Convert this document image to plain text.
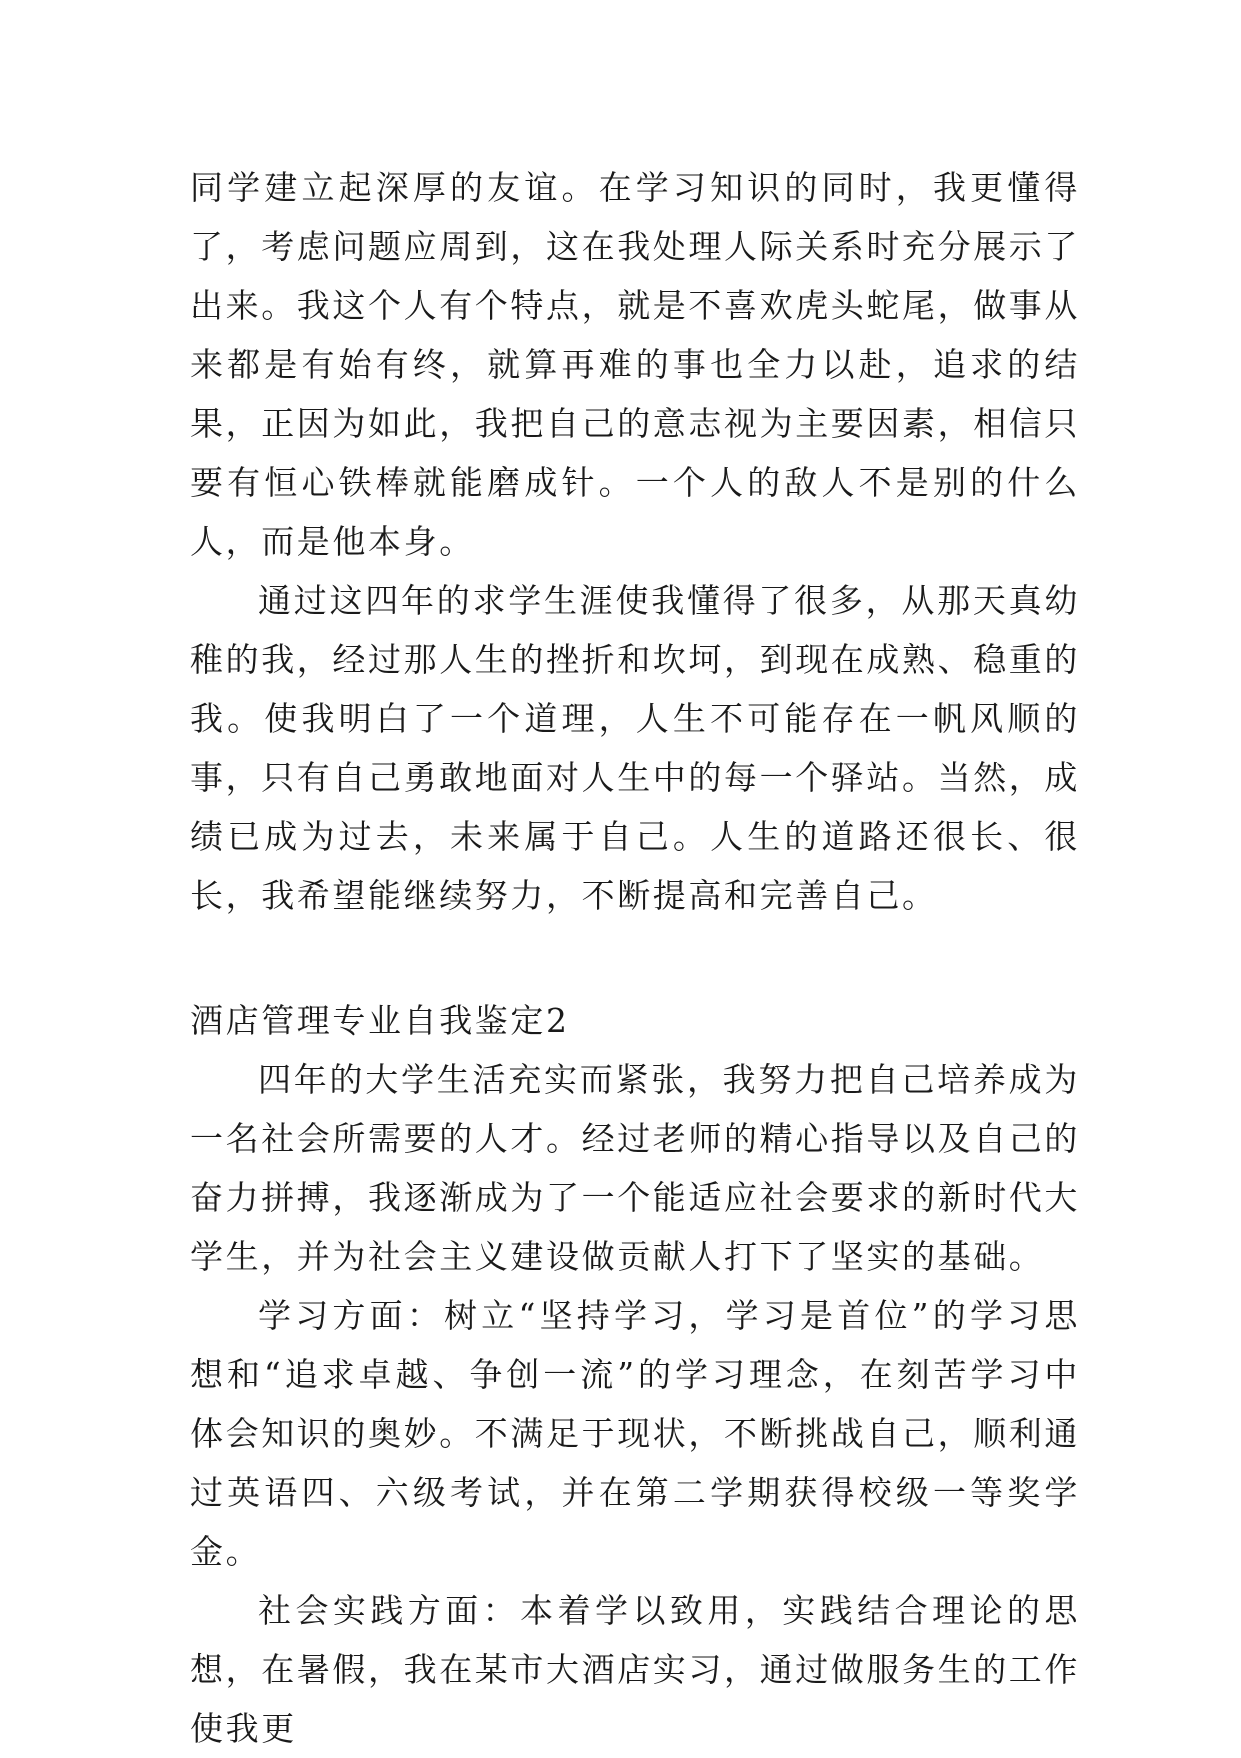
同学建立起深厚的友谊。在学习知识的同时，我更懂得了，考虑问题应周到，这在我处理人际关系时充分展示了出来。我这个人有个特点，就是不喜欢虎头蛇尾，做事从来都是有始有终，就算再难的事也全力以赴，追求的结果，正因为如此，我把自己的意志视为主要因素，相信只要有恒心铁棒就能磨成针。一个人的敌人不是别的什么人，而是他本身。

通过这四年的求学生涯使我懂得了很多，从那天真幼稚的我，经过那人生的挫折和坎坷，到现在成熟、稳重的我。使我明白了一个道理，人生不可能存在一帆风顺的事，只有自己勇敢地面对人生中的每一个驿站。当然，成绩已成为过去，未来属于自己。人生的道路还很长、很长，我希望能继续努力，不断提高和完善自己。

酒店管理专业自我鉴定2

四年的大学生活充实而紧张，我努力把自己培养成为一名社会所需要的人才。经过老师的精心指导以及自己的奋力拼搏，我逐渐成为了一个能适应社会要求的新时代大学生，并为社会主义建设做贡献人打下了坚实的基础。

学习方面：树立“坚持学习，学习是首位”的学习思想和“追求卓越、争创一流”的学习理念，在刻苦学习中体会知识的奥妙。不满足于现状，不断挑战自己，顺利通过英语四、六级考试，并在第二学期获得校级一等奖学金。

社会实践方面：本着学以致用，实践结合理论的思想，在暑假，我在某市大酒店实习，通过做服务生的工作使我更
